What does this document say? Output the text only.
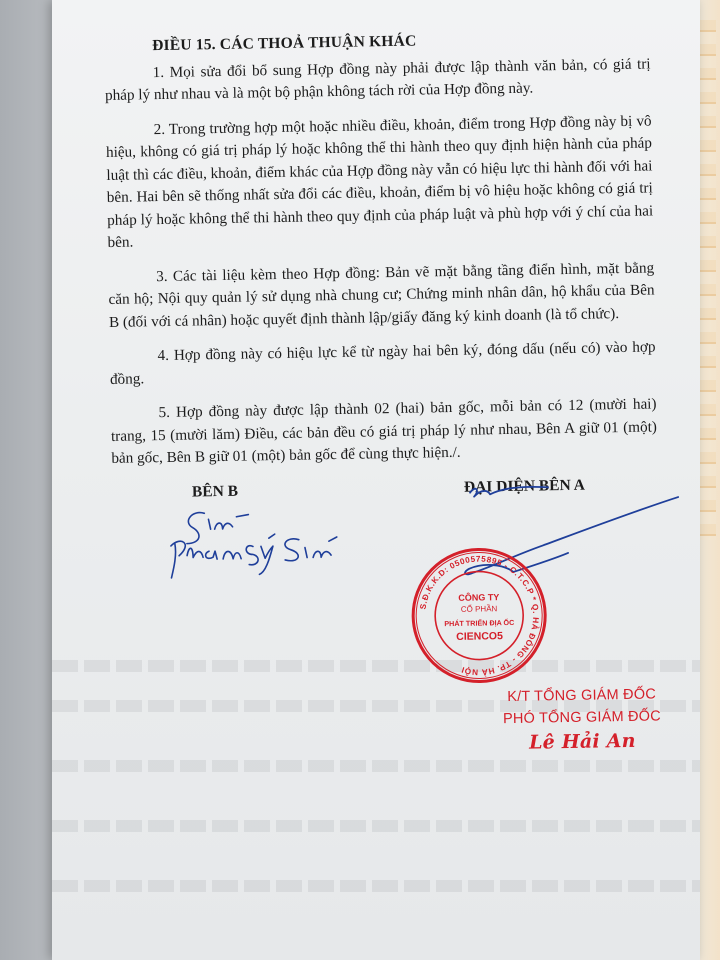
ĐIỀU 15. CÁC THOẢ THUẬN KHÁC

1. Mọi sửa đổi bổ sung Hợp đồng này phải được lập thành văn bản, có giá trị pháp lý như nhau và là một bộ phận không tách rời của Hợp đồng này.

2. Trong trường hợp một hoặc nhiều điều, khoản, điểm trong Hợp đồng này bị vô hiệu, không có giá trị pháp lý hoặc không thể thi hành theo quy định hiện hành của pháp luật thì các điều, khoản, điểm khác của Hợp đồng này vẫn có hiệu lực thi hành đối với hai bên. Hai bên sẽ thống nhất sửa đổi các điều, khoản, điểm bị vô hiệu hoặc không có giá trị pháp lý hoặc không thể thi hành theo quy định của pháp luật và phù hợp với ý chí của hai bên.

3. Các tài liệu kèm theo Hợp đồng: Bản vẽ mặt bằng tầng điển hình, mặt bằng căn hộ; Nội quy quản lý sử dụng nhà chung cư; Chứng minh nhân dân, hộ khẩu của Bên B (đối với cá nhân) hoặc quyết định thành lập/giấy đăng ký kinh doanh (là tổ chức).

4. Hợp đồng này có hiệu lực kể từ ngày hai bên ký, đóng dấu (nếu có) vào hợp đồng.

5. Hợp đồng này được lập thành 02 (hai) bản gốc, mỗi bản có 12 (mười hai) trang, 15 (mười lăm) Điều, các bản đều có giá trị pháp lý như nhau, Bên A giữ 01 (một) bản gốc, Bên B giữ 01 (một) bản gốc để cùng thực hiện./.

BÊN B	ĐẠI DIỆN BÊN A
S.Đ.K.K.D: 0500575895 - C.T.C.P * Q. HÀ ĐÔNG - TP. HÀ NỘI
CÔNG TY
CỔ PHẦN
PHÁT TRIỂN ĐỊA ỐC
CIENCO5
K/T TỔNG GIÁM ĐỐC
PHÓ TỔNG GIÁM ĐỐC
Lê Hải An
